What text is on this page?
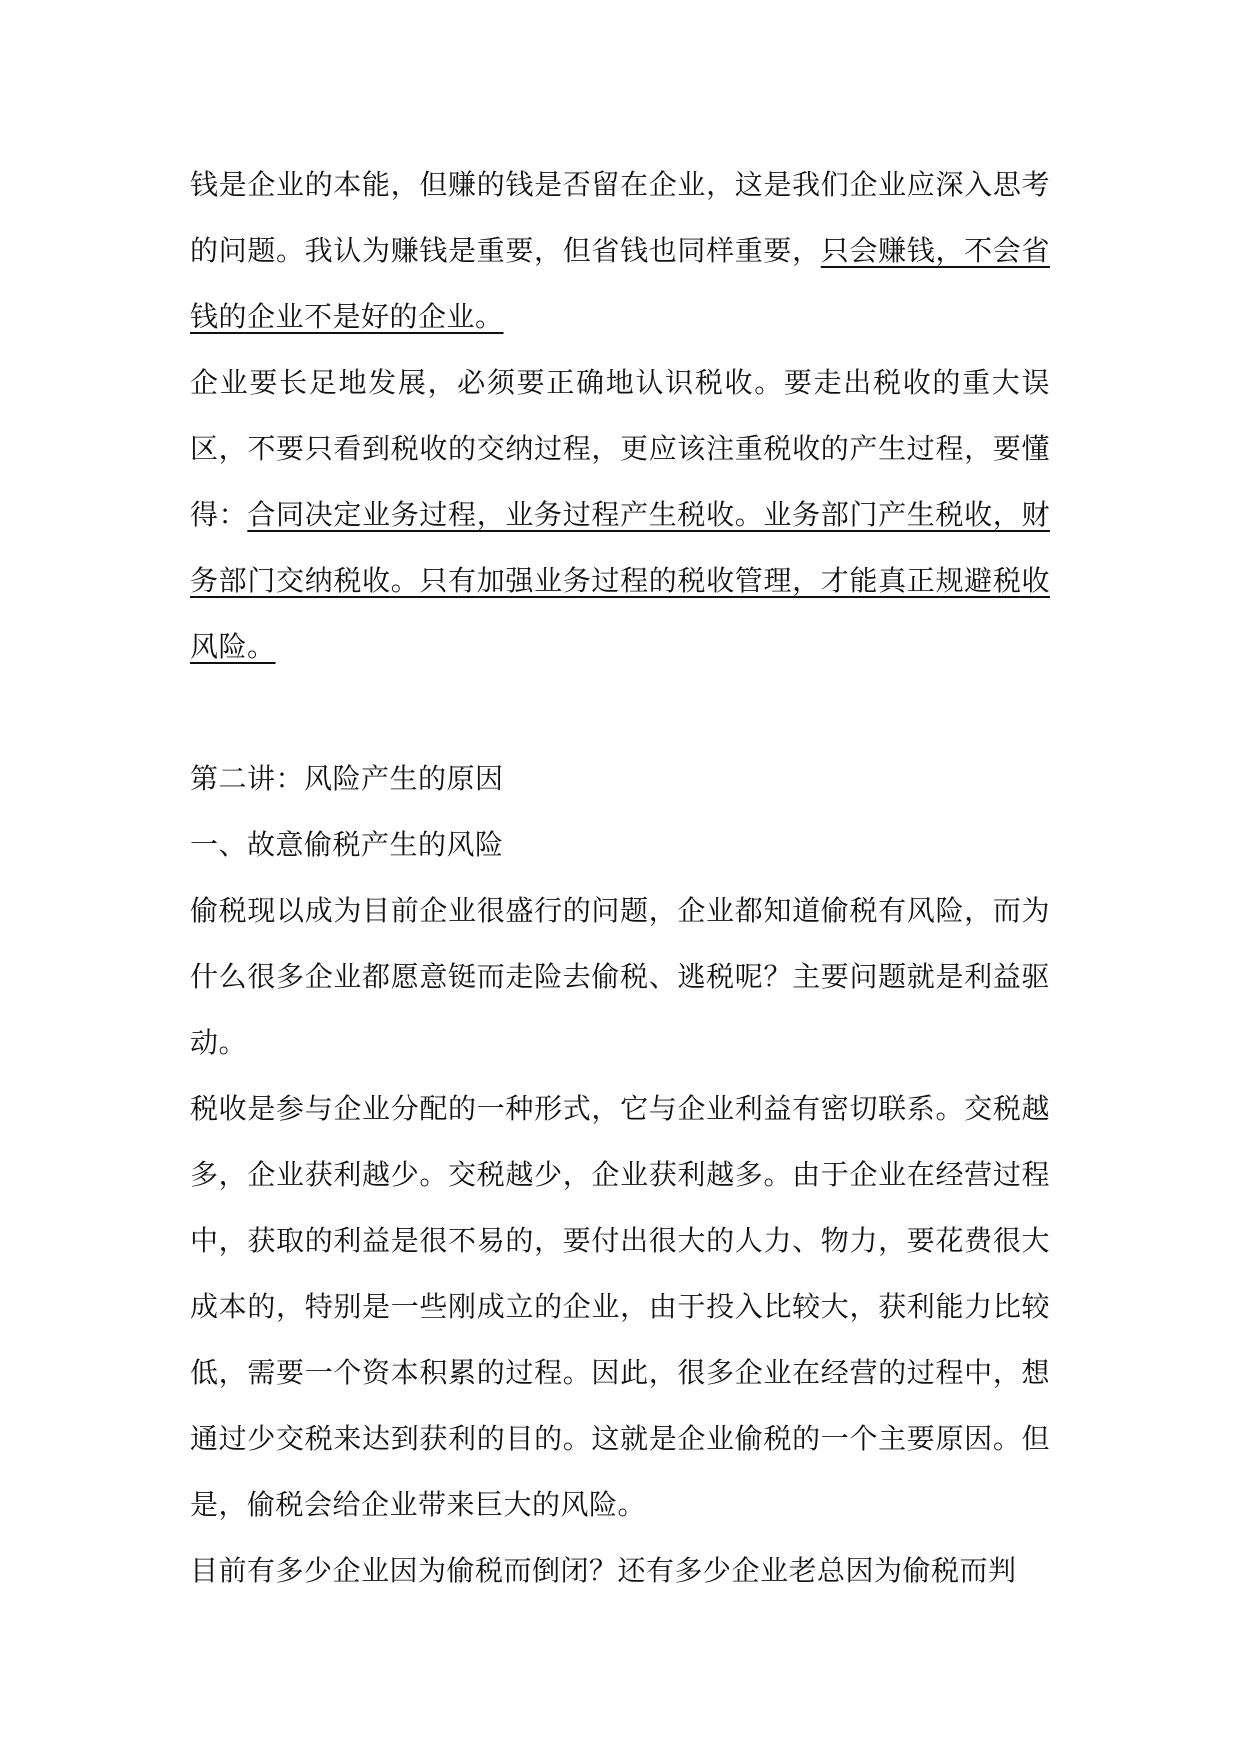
钱是企业的本能，但赚的钱是否留在企业，这是我们企业应深入思考的问题。我认为赚钱是重要，但省钱也同样重要，只会赚钱，不会省钱的企业不是好的企业。

企业要长足地发展，必须要正确地认识税收。要走出税收的重大误区，不要只看到税收的交纳过程，更应该注重税收的产生过程，要懂得：合同决定业务过程，业务过程产生税收。业务部门产生税收，财务部门交纳税收。只有加强业务过程的税收管理，才能真正规避税收风险。

第二讲：风险产生的原因

一、故意偷税产生的风险

偷税现以成为目前企业很盛行的问题，企业都知道偷税有风险，而为什么很多企业都愿意铤而走险去偷税、逃税呢？主要问题就是利益驱动。

税收是参与企业分配的一种形式，它与企业利益有密切联系。交税越多，企业获利越少。交税越少，企业获利越多。由于企业在经营过程中，获取的利益是很不易的，要付出很大的人力、物力，要花费很大成本的，特别是一些刚成立的企业，由于投入比较大，获利能力比较低，需要一个资本积累的过程。因此，很多企业在经营的过程中，想通过少交税来达到获利的目的。这就是企业偷税的一个主要原因。但是，偷税会给企业带来巨大的风险。

目前有多少企业因为偷税而倒闭？还有多少企业老总因为偷税而判
